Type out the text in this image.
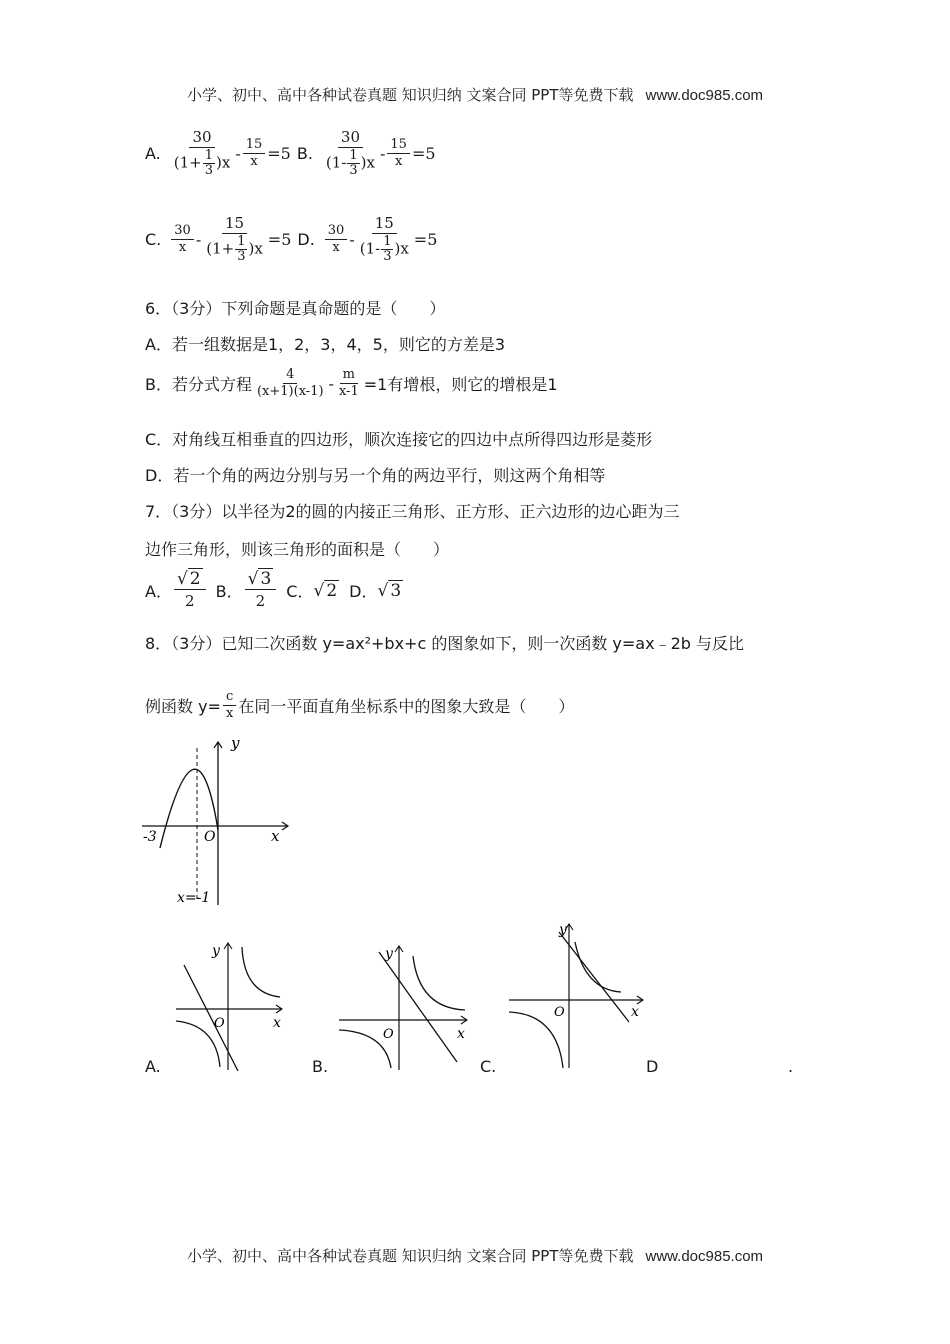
小学、初中、高中各种试卷真题 知识归纳 文案合同 PPT等免费下载 www.doc985.com
A. $\frac{30}{(1+ \frac{1}{3} )x} - \frac{15}{x} =5$ B. $\frac{30}{(1- \frac{1}{3} )x} - \frac{15}{x} =5$
C. $\frac{30}{x} - \frac{15}{(1+ \frac{1}{3} )x} =5$ D. $\frac{30}{x} - \frac{15}{(1- \frac{1}{3} )x} =5$
6．（3分）下列命题是真命题的是（　　）
A．若一组数据是1，2，3，4，5，则它的方差是3
B．若分式方程 $\frac{4}{(x+1)(x-1)} - \frac{m}{x-1} =1$有增根，则它的增根是1
C．对角线互相垂直的四边形，顺次连接它的四边中点所得四边形是菱形
D．若一个角的两边分别与另一个角的两边平行，则这两个角相等
7．（3分）以半径为2的圆的内接正三角形、正方形、正六边形的边心距为三
边作三角形，则该三角形的面积是（　　）
A． $\frac{√ 2}{2}$ B． $\frac{√ 3}{2}$ C． √ 2 D． √ 3
8．（3分）已知二次函数 y=ax²+bx+c 的图象如下，则一次函数 y=ax﹣2b 与反比
例函数 $y= \frac{c}{x}$ 在同一平面直角坐标系中的图象大致是（　　）
y
x
O
-3
x=-1
y
x
O
y
x
O
y
x
O
A.	B.	C.	D	.
小学、初中、高中各种试卷真题 知识归纳 文案合同 PPT等免费下载 www.doc985.com
